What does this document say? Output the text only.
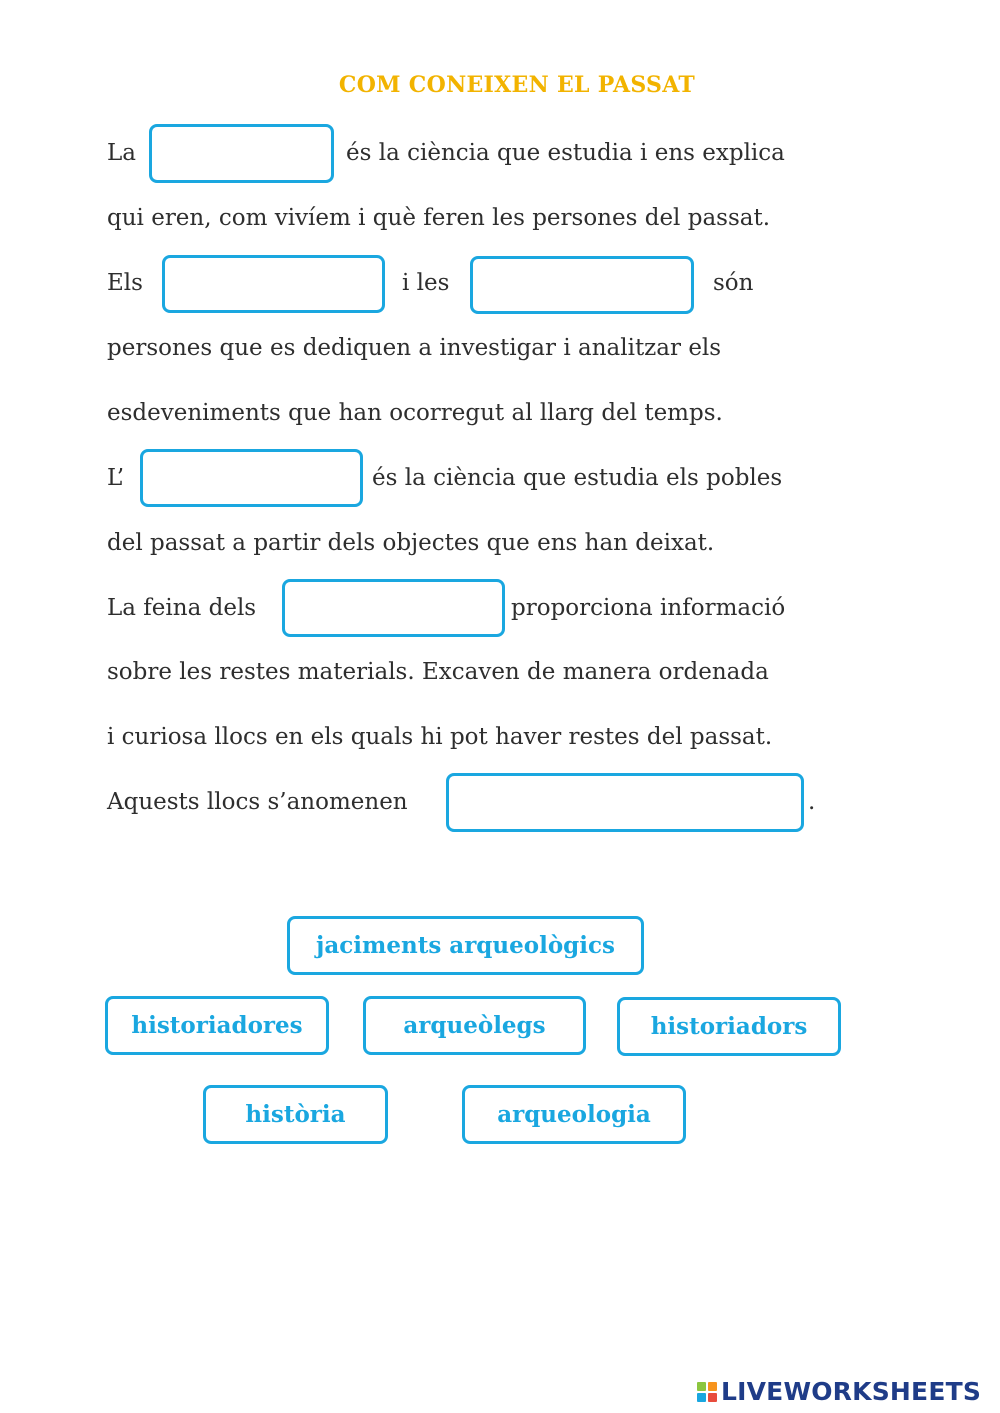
COM CONEIXEN EL PASSAT
La	és la ciència que estudia i ens explica
qui eren, com vivíem i què feren les persones del passat.
Els	i les	són
persones que es dediquen a investigar i analitzar els
esdeveniments que han ocorregut al llarg del temps.
L’	és la ciència que estudia els pobles
del passat a partir dels objectes que ens han deixat.
La feina dels	proporciona informació
sobre les restes materials. Excaven de manera ordenada
i curiosa llocs en els quals hi pot haver restes del passat.
Aquests llocs s’anomenen	.
jaciments arqueològics
historiadores	arqueòlegs	historiadors
història	arqueologia
LIVEWORKSHEETS
